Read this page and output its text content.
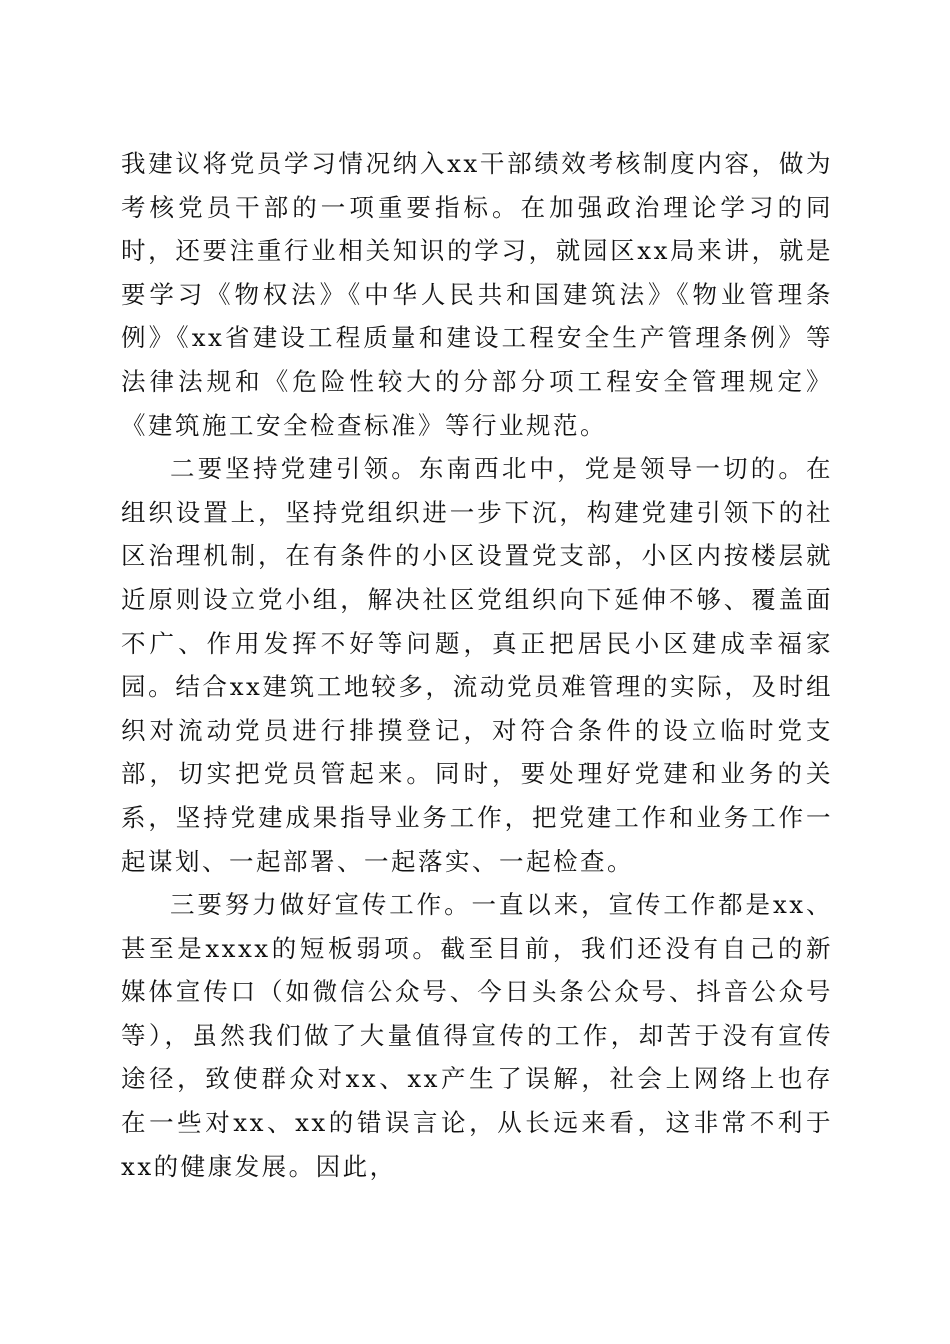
我建议将党员学习情况纳入xx干部绩效考核制度内容，做为考核党员干部的一项重要指标。在加强政治理论学习的同时，还要注重行业相关知识的学习，就园区xx局来讲，就是要学习《物权法》《中华人民共和国建筑法》《物业管理条例》《xx省建设工程质量和建设工程安全生产管理条例》等法律法规和《危险性较大的分部分项工程安全管理规定》《建筑施工安全检查标准》等行业规范。

二要坚持党建引领。东南西北中，党是领导一切的。在组织设置上，坚持党组织进一步下沉，构建党建引领下的社区治理机制，在有条件的小区设置党支部，小区内按楼层就近原则设立党小组，解决社区党组织向下延伸不够、覆盖面不广、作用发挥不好等问题，真正把居民小区建成幸福家园。结合xx建筑工地较多，流动党员难管理的实际，及时组织对流动党员进行排摸登记，对符合条件的设立临时党支部，切实把党员管起来。同时，要处理好党建和业务的关系，坚持党建成果指导业务工作，把党建工作和业务工作一起谋划、一起部署、一起落实、一起检查。

三要努力做好宣传工作。一直以来，宣传工作都是xx、甚至是xxxx的短板弱项。截至目前，我们还没有自己的新媒体宣传口（如微信公众号、今日头条公众号、抖音公众号等），虽然我们做了大量值得宣传的工作，却苦于没有宣传途径，致使群众对xx、xx产生了误解，社会上网络上也存在一些对xx、xx的错误言论，从长远来看，这非常不利于xx的健康发展。因此，
